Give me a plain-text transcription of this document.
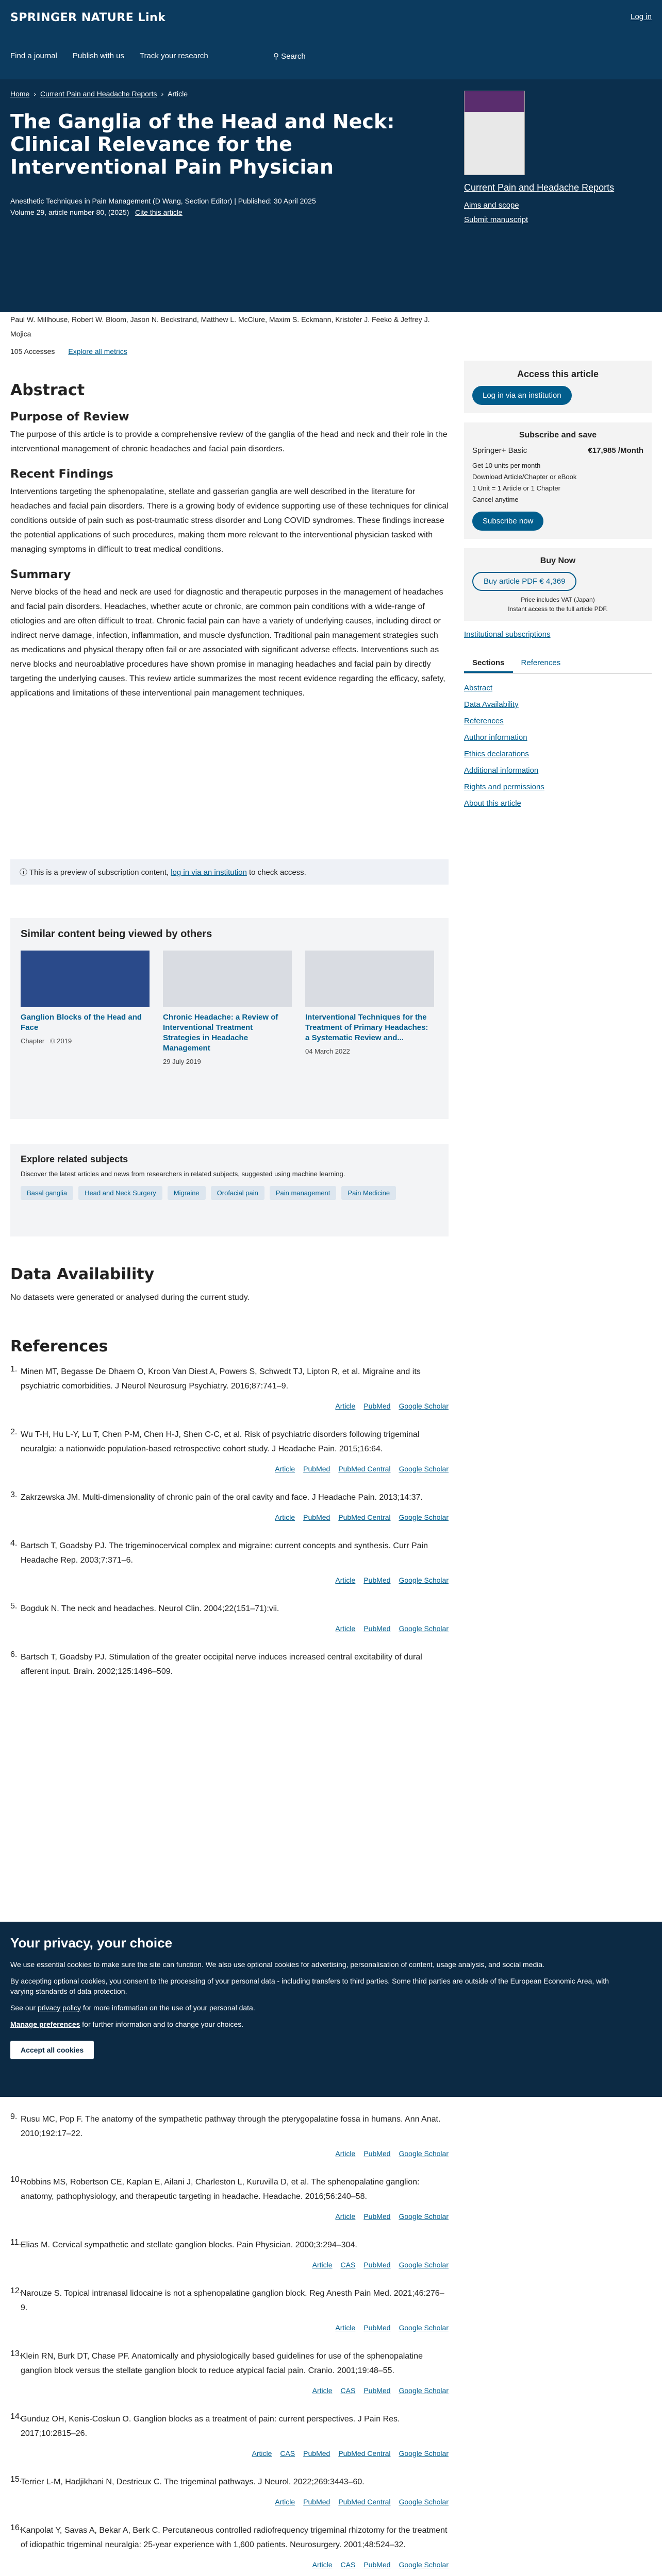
SPRINGER NATURE Link	Log in
Find a journal Publish with us Track your research	⚲ Search
Home › Current Pain and Headache Reports › Article
The Ganglia of the Head and Neck: Clinical Relevance for the Interventional Pain Physician
Anesthetic Techniques in Pain Management (D Wang, Section Editor) | Published: 30 April 2025
Volume 29, article number 80, (2025) Cite this article
Current Pain and Headache Reports
Aims and scope
Submit manuscript
Paul W. Millhouse, Robert W. Bloom, Jason N. Beckstrand, Matthew L. McClure, Maxim S. Eckmann, Kristofer J. Feeko & Jeffrey J. Mojica
105 Accesses Explore all metrics
Abstract
Purpose of Review

The purpose of this article is to provide a comprehensive review of the ganglia of the head and neck and their role in the interventional management of chronic headaches and facial pain disorders.

Recent Findings

Interventions targeting the sphenopalatine, stellate and gasserian ganglia are well described in the literature for headaches and facial pain disorders. There is a growing body of evidence supporting use of these techniques for clinical conditions outside of pain such as post-traumatic stress disorder and Long COVID syndromes. These findings increase the potential applications of such procedures, making them more relevant to the interventional physician tasked with managing symptoms in difficult to treat medical conditions.

Summary

Nerve blocks of the head and neck are used for diagnostic and therapeutic purposes in the management of headaches and facial pain disorders. Headaches, whether acute or chronic, are common pain conditions with a wide-range of etiologies and are often difficult to treat. Chronic facial pain can have a variety of underlying causes, including direct or indirect nerve damage, infection, inflammation, and muscle dysfunction. Traditional pain management strategies such as medications and physical therapy often fail or are associated with significant adverse effects. Interventions such as nerve blocks and neuroablative procedures have shown promise in managing headaches and facial pain by directly targeting the underlying causes. This review article summarizes the most recent evidence regarding the efficacy, safety, applications and limitations of these interventional pain management techniques.

Access this article
Log in via an institution
Subscribe and save
Springer+ Basic	€17,985 /Month
Get 10 units per month
Download Article/Chapter or eBook
1 Unit = 1 Article or 1 Chapter
Cancel anytime
Subscribe now
Buy Now
Buy article PDF € 4,369
Price includes VAT (Japan)
Instant access to the full article PDF.
Institutional subscriptions
Sections	References
Abstract
Data Availability
References
Author information
Ethics declarations
Additional information
Rights and permissions
About this article
ⓘ This is a preview of subscription content, log in via an institution to check access.
Similar content being viewed by others
Ganglion Blocks of the Head and Face
Chapter © 2019
Chronic Headache: a Review of Interventional Treatment Strategies in Headache Management
29 July 2019
Interventional Techniques for the Treatment of Primary Headaches: a Systematic Review and...
04 March 2022
Explore related subjects

Discover the latest articles and news from researchers in related subjects, suggested using machine learning.

Basal ganglia	Head and Neck Surgery	Migraine	Orofacial pain	Pain management	Pain Medicine
Data Availability

No datasets were generated or analysed during the current study.

References
1. Minen MT, Begasse De Dhaem O, Kroon Van Diest A, Powers S, Schwedt TJ, Lipton R, et al. Migraine and its psychiatric comorbidities. J Neurol Neurosurg Psychiatry. 2016;87:741–9.
Article PubMed Google Scholar
2. Wu T-H, Hu L-Y, Lu T, Chen P-M, Chen H-J, Shen C-C, et al. Risk of psychiatric disorders following trigeminal neuralgia: a nationwide population-based retrospective cohort study. J Headache Pain. 2015;16:64.
Article PubMed PubMed Central Google Scholar
3. Zakrzewska JM. Multi-dimensionality of chronic pain of the oral cavity and face. J Headache Pain. 2013;14:37.
Article PubMed PubMed Central Google Scholar
4. Bartsch T, Goadsby PJ. The trigeminocervical complex and migraine: current concepts and synthesis. Curr Pain Headache Rep. 2003;7:371–6.
Article PubMed Google Scholar
5. Bogduk N. The neck and headaches. Neurol Clin. 2004;22(151–71):vii.
Article PubMed Google Scholar
6. Bartsch T, Goadsby PJ. Stimulation of the greater occipital nerve induces increased central excitability of dural afferent input. Brain. 2002;125:1496–509.
9. Rusu MC, Pop F. The anatomy of the sympathetic pathway through the pterygopalatine fossa in humans. Ann Anat. 2010;192:17–22.
Article PubMed Google Scholar
10.
Robbins MS, Robertson CE, Kaplan E, Ailani J, Charleston L, Kuruvilla D, et al. The sphenopalatine ganglion: anatomy, pathophysiology, and therapeutic targeting in headache. Headache. 2016;56:240–58.
Article PubMed Google Scholar
11.
Elias M. Cervical sympathetic and stellate ganglion blocks. Pain Physician. 2000;3:294–304.
Article CAS PubMed Google Scholar
12.
Narouze S. Topical intranasal lidocaine is not a sphenopalatine ganglion block. Reg Anesth Pain Med. 2021;46:276–9.
Article PubMed Google Scholar
13.
Klein RN, Burk DT, Chase PF. Anatomically and physiologically based guidelines for use of the sphenopalatine ganglion block versus the stellate ganglion block to reduce atypical facial pain. Cranio. 2001;19:48–55.
Article CAS PubMed Google Scholar
14.
Gunduz OH, Kenis-Coskun O. Ganglion blocks as a treatment of pain: current perspectives. J Pain Res. 2017;10:2815–26.
Article CAS PubMed PubMed Central Google Scholar
15.
Terrier L-M, Hadjikhani N, Destrieux C. The trigeminal pathways. J Neurol. 2022;269:3443–60.
Article PubMed PubMed Central Google Scholar
16.
Kanpolat Y, Savas A, Bekar A, Berk C. Percutaneous controlled radiofrequency trigeminal rhizotomy for the treatment of idiopathic trigeminal neuralgia: 25-year experience with 1,600 patients. Neurosurgery. 2001;48:524–32.
Article CAS PubMed Google Scholar
Your privacy, your choice

We use essential cookies to make sure the site can function. We also use optional cookies for advertising, personalisation of content, usage analysis, and social media.

By accepting optional cookies, you consent to the processing of your personal data - including transfers to third parties. Some third parties are outside of the European Economic Area, with varying standards of data protection.

See our privacy policy for more information on the use of your personal data.

Manage preferences for further information and to change your choices.

Accept all cookies
